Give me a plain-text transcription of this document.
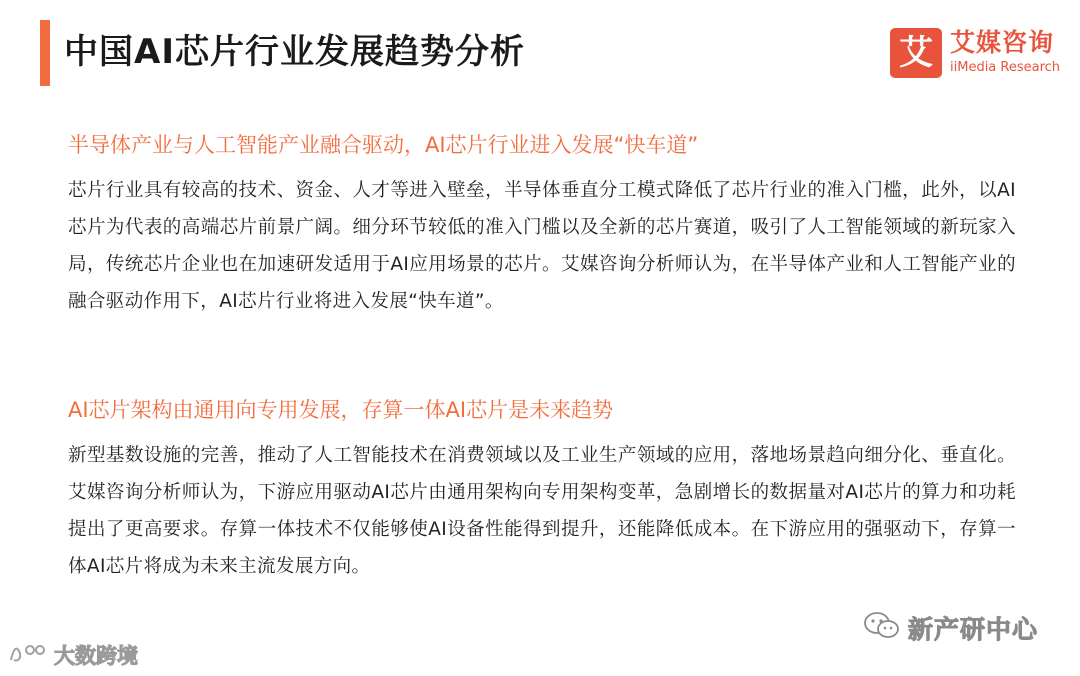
中国AI芯片行业发展趋势分析	艾 艾媒咨询
iiMedia Research
半导体产业与人工智能产业融合驱动，AI芯片行业进入发展“快车道”
芯片行业具有较高的技术、资金、人才等进入壁垒，半导体垂直分工模式降低了芯片行业的准入门槛，此外，以AI芯片为代表的高端芯片前景广阔。细分环节较低的准入门槛以及全新的芯片赛道，吸引了人工智能领域的新玩家入局，传统芯片企业也在加速研发适用于AI应用场景的芯片。艾媒咨询分析师认为，在半导体产业和人工智能产业的融合驱动作用下，AI芯片行业将进入发展“快车道”。
AI芯片架构由通用向专用发展，存算一体AI芯片是未来趋势
新型基数设施的完善，推动了人工智能技术在消费领域以及工业生产领域的应用，落地场景趋向细分化、垂直化。艾媒咨询分析师认为，下游应用驱动AI芯片由通用架构向专用架构变革，急剧增长的数据量对AI芯片的算力和功耗提出了更高要求。存算一体技术不仅能够使AI设备性能得到提升，还能降低成本。在下游应用的强驱动下，存算一体AI芯片将成为未来主流发展方向。
新产研中心
大数跨境
